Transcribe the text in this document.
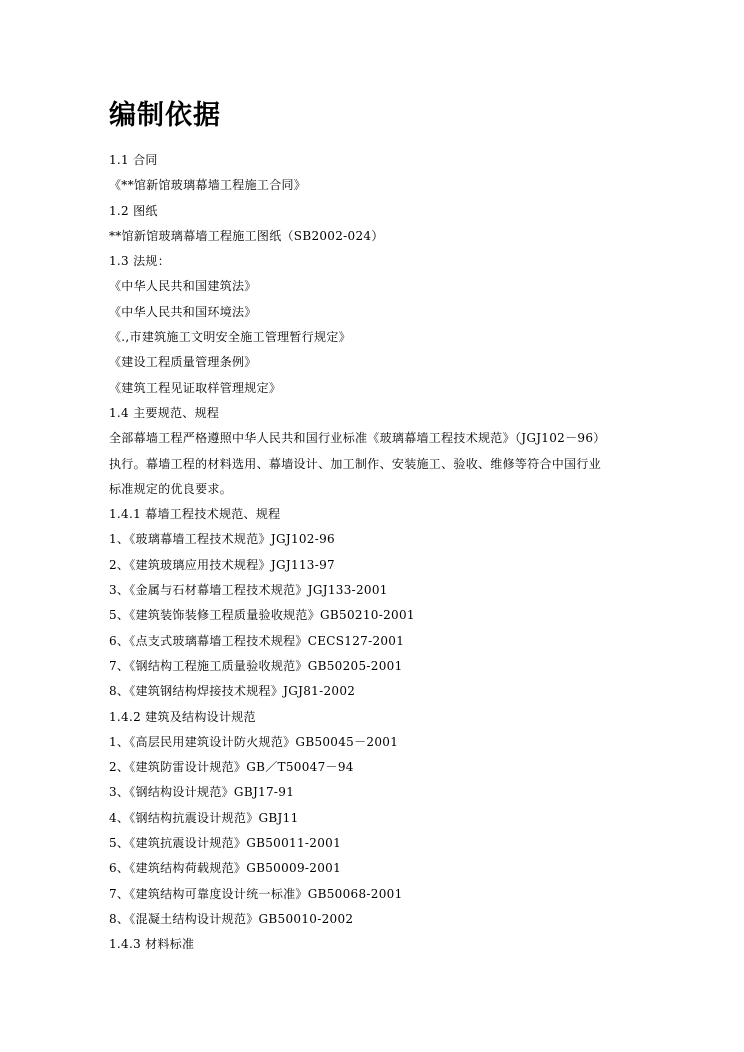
编制依据
1.1 合同
《**馆新馆玻璃幕墙工程施工合同》
1.2 图纸
**馆新馆玻璃幕墙工程施工图纸（SB2002-024）
1.3 法规：
《中华人民共和国建筑法》
《中华人民共和国环境法》
《.,市建筑施工文明安全施工管理暂行规定》
《建设工程质量管理条例》
《建筑工程见证取样管理规定》
1.4 主要规范、规程
全部幕墙工程严格遵照中华人民共和国行业标准《玻璃幕墙工程技术规范》（JGJ102－96）
执行。幕墙工程的材料选用、幕墙设计、加工制作、安装施工、验收、维修等符合中国行业
标准规定的优良要求。
1.4.1 幕墙工程技术规范、规程
1、《玻璃幕墙工程技术规范》JGJ102-96
2、《建筑玻璃应用技术规程》JGJ113-97
3、《金属与石材幕墙工程技术规范》JGJ133-2001
5、《建筑装饰装修工程质量验收规范》GB50210-2001
6、《点支式玻璃幕墙工程技术规程》CECS127-2001
7、《钢结构工程施工质量验收规范》GB50205-2001
8、《建筑钢结构焊接技术规程》JGJ81-2002
1.4.2 建筑及结构设计规范
1、《高层民用建筑设计防火规范》GB50045－2001
2、《建筑防雷设计规范》GB／T50047－94
3、《钢结构设计规范》GBJ17-91
4、《钢结构抗震设计规范》GBJ11
5、《建筑抗震设计规范》GB50011-2001
6、《建筑结构荷载规范》GB50009-2001
7、《建筑结构可靠度设计统一标准》GB50068-2001
8、《混凝土结构设计规范》GB50010-2002
1.4.3 材料标准
